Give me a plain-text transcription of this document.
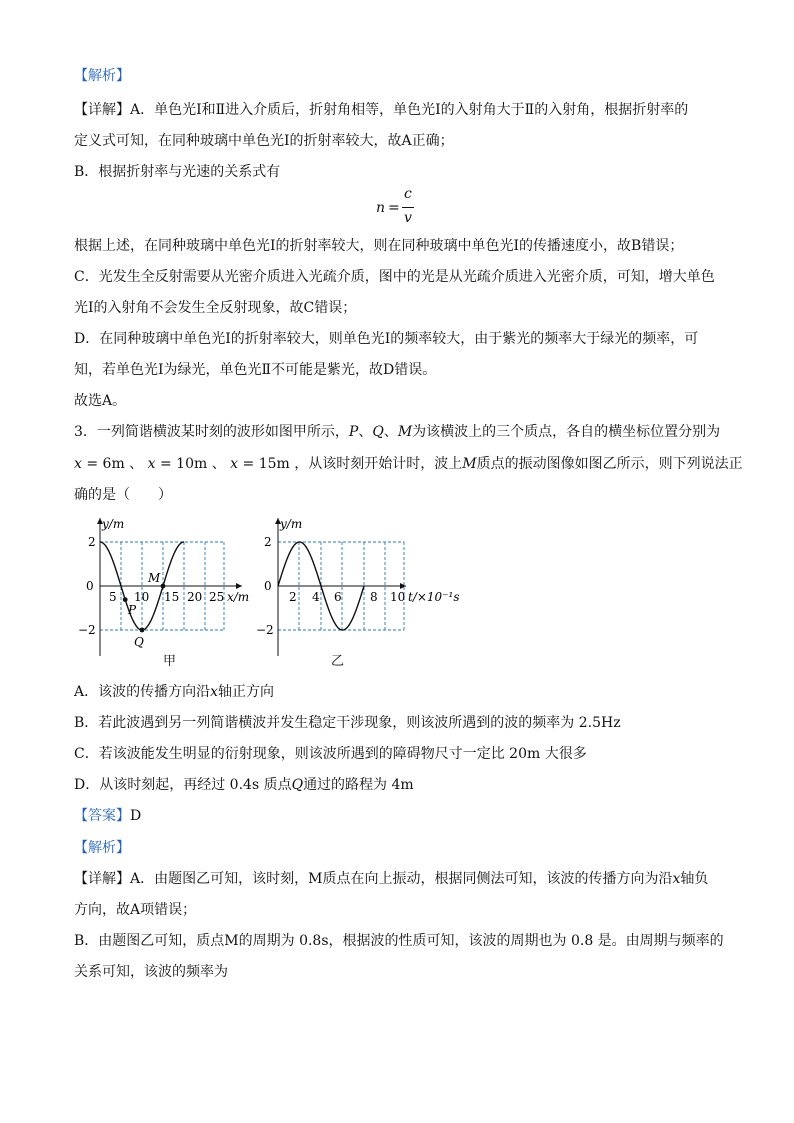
【解析】
【详解】A．单色光Ⅰ和Ⅱ进入介质后，折射角相等，单色光Ⅰ的入射角大于Ⅱ的入射角，根据折射率的
定义式可知，在同种玻璃中单色光Ⅰ的折射率较大，故A正确；
B．根据折射率与光速的关系式有
n =
c
v
根据上述，在同种玻璃中单色光Ⅰ的折射率较大，则在同种玻璃中单色光Ⅰ的传播速度小，故B错误；
C．光发生全反射需要从光密介质进入光疏介质，图中的光是从光疏介质进入光密介质，可知，增大单色
光Ⅰ的入射角不会发生全反射现象，故C错误；
D．在同种玻璃中单色光Ⅰ的折射率较大，则单色光Ⅰ的频率较大，由于紫光的频率大于绿光的频率，可
知，若单色光Ⅰ为绿光，单色光Ⅱ不可能是紫光，故D错误。
故选A。
3．一列简谐横波某时刻的波形如图甲所示，P、Q、M为该横波上的三个质点，各自的横坐标位置分别为
x = 6m 、 x = 10m 、 x = 15m ，从该时刻开始计时，波上M质点的振动图像如图乙所示，则下列说法正
确的是（　　）
y/m
2
0
−2
5 10 15 20 25 x/m
P
Q
M
甲
y/m
2
0
−2
2 4 6 8 10 t/×10⁻¹s
乙
A．该波的传播方向沿x轴正方向
B．若此波遇到另一列简谐横波并发生稳定干涉现象，则该波所遇到的波的频率为 2.5Hz
C．若该波能发生明显的衍射现象，则该波所遇到的障碍物尺寸一定比 20m 大很多
D．从该时刻起，再经过 0.4s 质点Q通过的路程为 4m
【答案】D
【解析】
【详解】A．由题图乙可知，该时刻，M质点在向上振动，根据同侧法可知，该波的传播方向为沿x轴负
方向，故A项错误；
B．由题图乙可知，质点M的周期为 0.8s，根据波的性质可知，该波的周期也为 0.8 是。由周期与频率的
关系可知，该波的频率为
